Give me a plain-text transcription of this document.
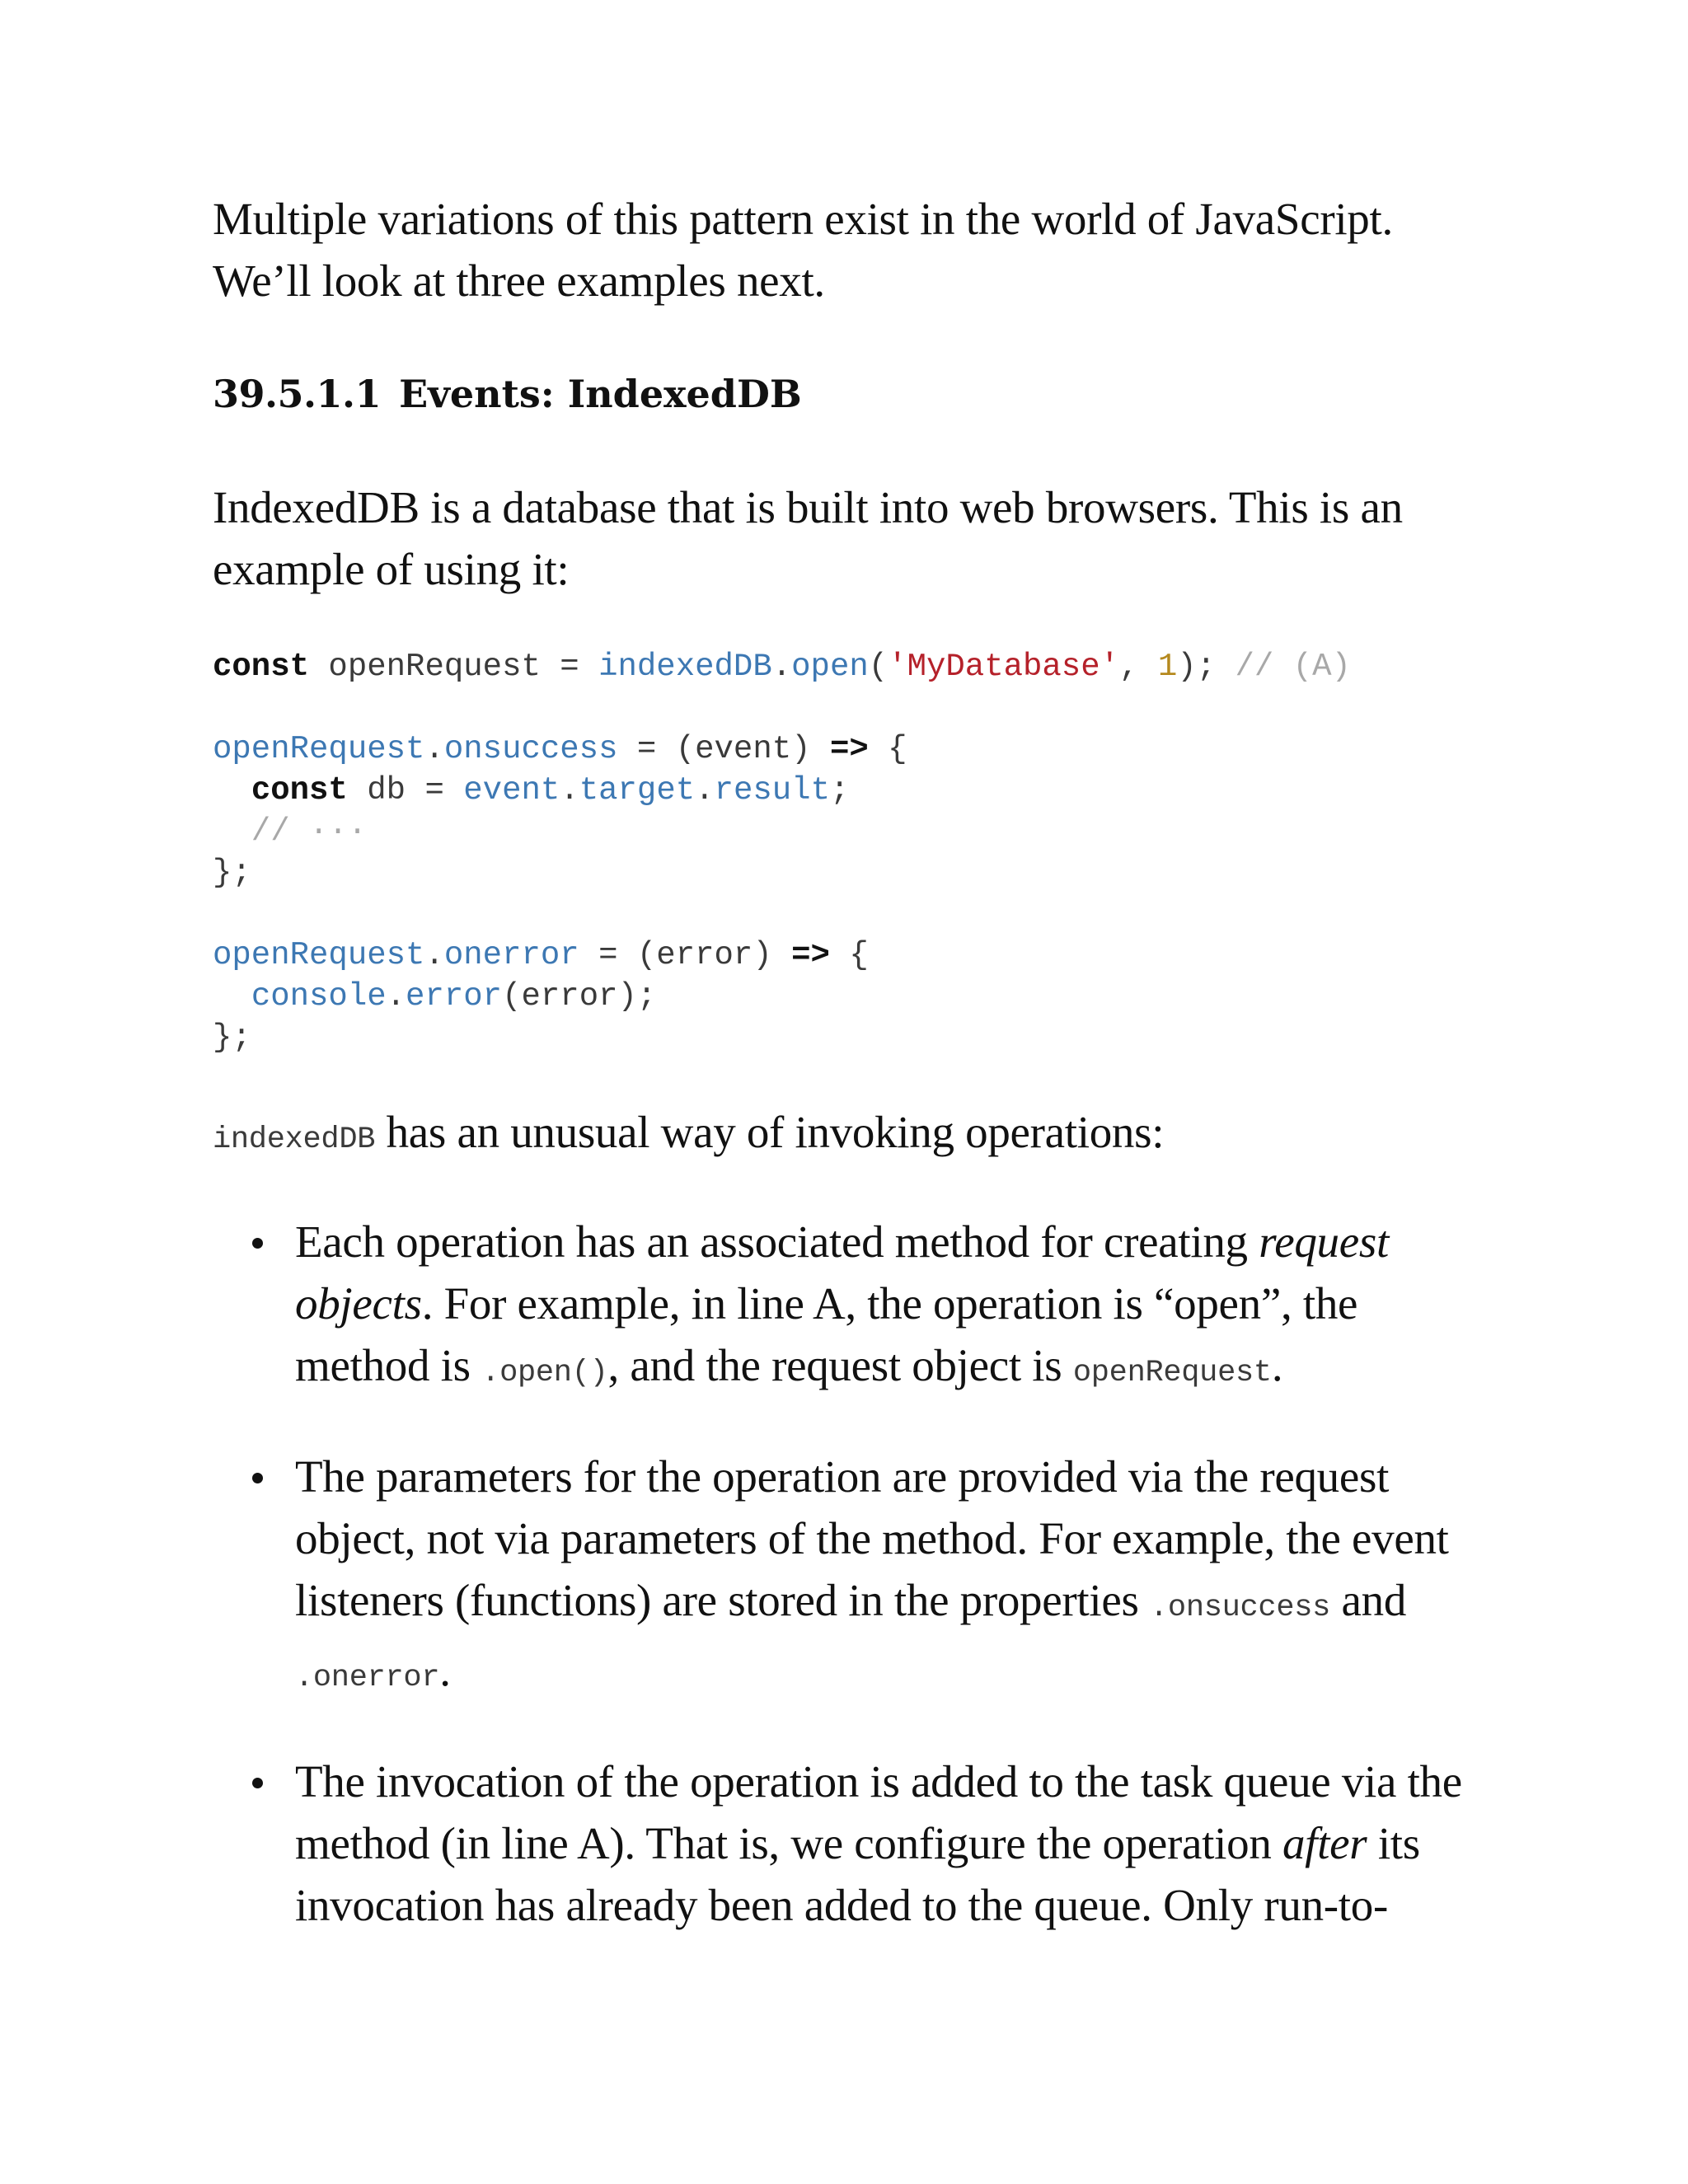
Multiple variations of this pattern exist in the world of JavaScript. We’ll look at three examples next.

39.5.1.1 Events: IndexedDB

IndexedDB is a database that is built into web browsers. This is an example of using it:

const openRequest = indexedDB.open('MyDatabase', 1); // (A)

openRequest.onsuccess = (event) => {
const db = event.target.result;
// ···
};

openRequest.onerror = (error) => {
console.error(error);
};

indexedDB has an unusual way of invoking operations:

Each operation has an associated method for creating request objects. For example, in line A, the operation is “open”, the method is .open(), and the request object is openRequest.
The parameters for the operation are provided via the request object, not via parameters of the method. For example, the event listeners (functions) are stored in the properties .onsuccess and .onerror.
The invocation of the operation is added to the task queue via the method (in line A). That is, we configure the operation after its invocation has already been added to the queue. Only run-to-
